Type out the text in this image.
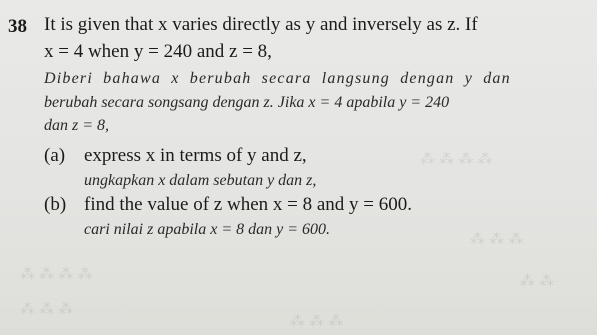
⁂ ⁂ ⁂ ⁂
⁂ ⁂ ⁂
⁂ ⁂
⁂ ⁂ ⁂ ⁂
⁂ ⁂ ⁂
⁂ ⁂ ⁂
38 It is given that x varies directly as y and inversely as z. If
x = 4 when y = 240 and z = 8,
Diberi bahawa x berubah secara langsung dengan y dan
berubah secara songsang dengan z. Jika x = 4 apabila y = 240
dan z = 8,
(a) express x in terms of y and z,
ungkapkan x dalam sebutan y dan z,
(b) find the value of z when x = 8 and y = 600.
cari nilai z apabila x = 8 dan y = 600.
